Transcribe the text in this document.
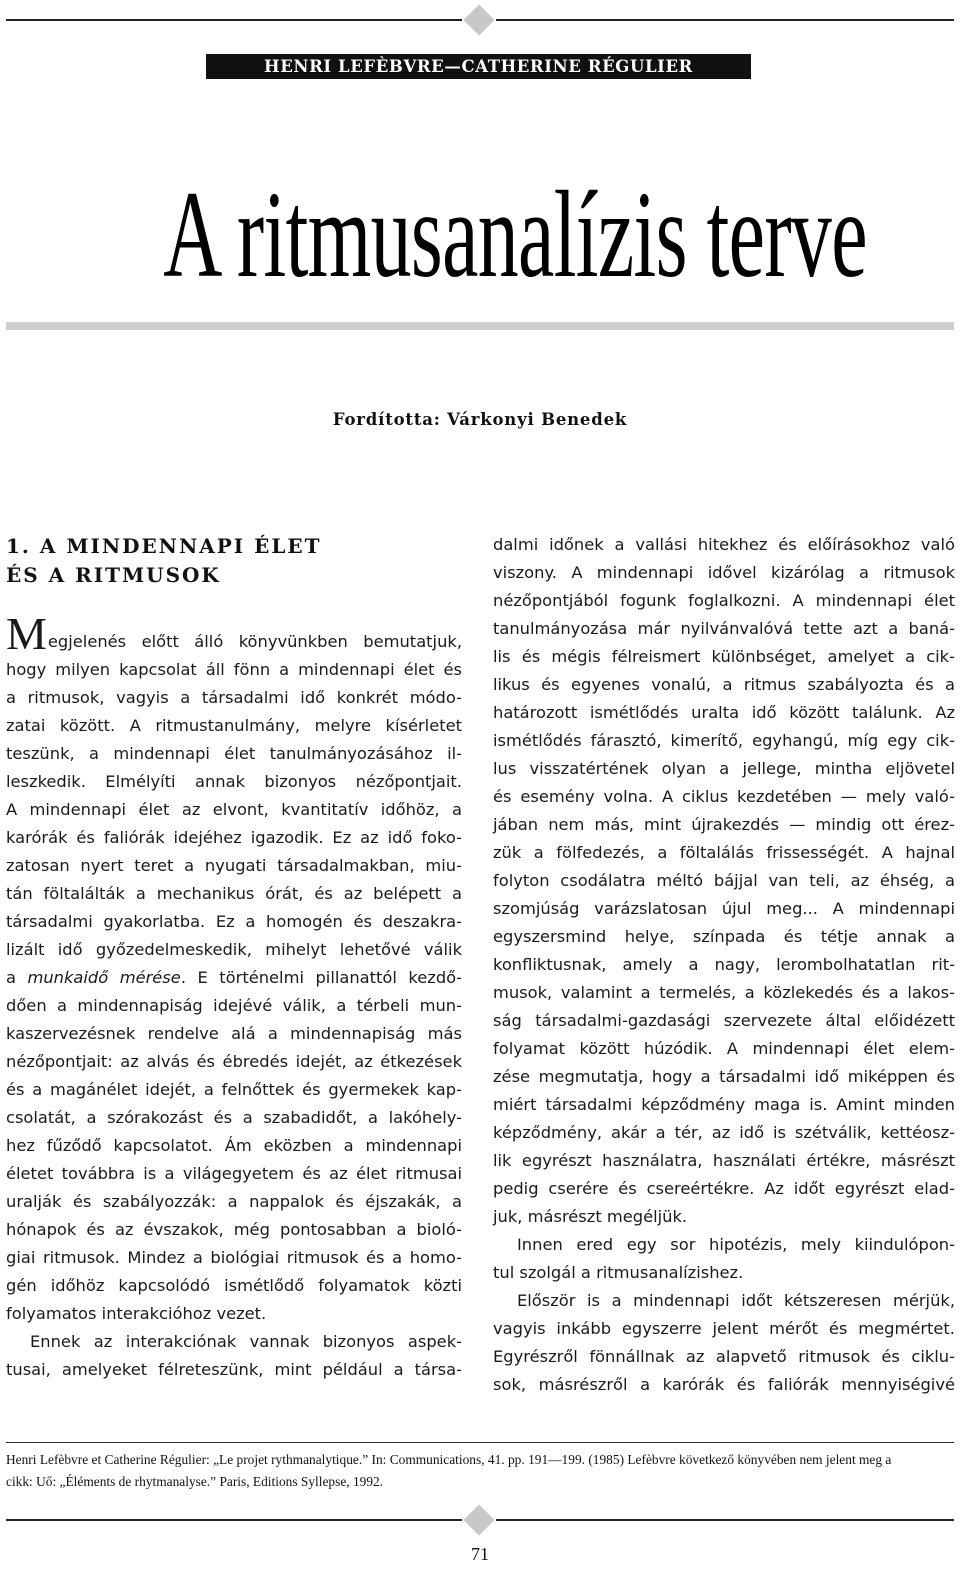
HENRI LEFÈBVRE—CATHERINE RÉGULIER
A ritmusanalízis terve
Fordította: Várkonyi Benedek
1. A MINDENNAPI ÉLET
ÉS A RITMUSOK
Megjelenés előtt álló könyvünkben bemutatjuk,
hogy milyen kapcsolat áll fönn a mindennapi élet és
a ritmusok, vagyis a társadalmi idő konkrét módo-
zatai között. A ritmustanulmány, melyre kísérletet
teszünk, a mindennapi élet tanulmányozásához il-
leszkedik. Elmélyíti annak bizonyos nézőpontjait.
A mindennapi élet az elvont, kvantitatív időhöz, a
karórák és faliórák idejéhez igazodik. Ez az idő foko-
zatosan nyert teret a nyugati társadalmakban, miu-
tán föltalálták a mechanikus órát, és az belépett a
társadalmi gyakorlatba. Ez a homogén és deszakra-
lizált idő győzedelmeskedik, mihelyt lehetővé válik
a munkaidő mérése. E történelmi pillanattól kezdő-
dően a mindennapiság idejévé válik, a térbeli mun-
kaszervezésnek rendelve alá a mindennapiság más
nézőpontjait: az alvás és ébredés idejét, az étkezések
és a magánélet idejét, a felnőttek és gyermekek kap-
csolatát, a szórakozást és a szabadidőt, a lakóhely-
hez fűződő kapcsolatot. Ám eközben a mindennapi
életet továbbra is a világegyetem és az élet ritmusai
uralják és szabályozzák: a nappalok és éjszakák, a
hónapok és az évszakok, még pontosabban a bioló-
giai ritmusok. Mindez a biológiai ritmusok és a homo-
gén időhöz kapcsolódó ismétlődő folyamatok közti
folyamatos interakcióhoz vezet.
Ennek az interakciónak vannak bizonyos aspek-
tusai, amelyeket félreteszünk, mint például a társa-
dalmi időnek a vallási hitekhez és előírásokhoz való
viszony. A mindennapi idővel kizárólag a ritmusok
nézőpontjából fogunk foglalkozni. A mindennapi élet
tanulmányozása már nyilvánvalóvá tette azt a baná-
lis és mégis félreismert különbséget, amelyet a cik-
likus és egyenes vonalú, a ritmus szabályozta és a
határozott ismétlődés uralta idő között találunk. Az
ismétlődés fárasztó, kimerítő, egyhangú, míg egy cik-
lus visszatértének olyan a jellege, mintha eljövetel
és esemény volna. A ciklus kezdetében — mely való-
jában nem más, mint újrakezdés — mindig ott érez-
zük a fölfedezés, a föltalálás frissességét. A hajnal
folyton csodálatra méltó bájjal van teli, az éhség, a
szomjúság varázslatosan újul meg... A mindennapi
egyszersmind helye, színpada és tétje annak a
konfliktusnak, amely a nagy, lerombolhatatlan rit-
musok, valamint a termelés, a közlekedés és a lakos-
ság társadalmi-gazdasági szervezete által előidézett
folyamat között húzódik. A mindennapi élet elem-
zése megmutatja, hogy a társadalmi idő miképpen és
miért társadalmi képződmény maga is. Amint minden
képződmény, akár a tér, az idő is szétválik, kettéosz-
lik egyrészt használatra, használati értékre, másrészt
pedig cserére és csereértékre. Az időt egyrészt elad-
juk, másrészt megéljük.
Innen ered egy sor hipotézis, mely kiindulópon-
tul szolgál a ritmusanalízishez.
Először is a mindennapi időt kétszeresen mérjük,
vagyis inkább egyszerre jelent mérőt és megmértet.
Egyrészről fönnállnak az alapvető ritmusok és ciklu-
sok, másrészről a karórák és faliórák mennyiségivé
Henri Lefèbvre et Catherine Régulier: „Le projet rythmanalytique.” In: Communications, 41. pp. 191—199. (1985) Lefèbvre következő könyvében nem jelent meg a
cikk: Uő: „Éléments de rhytmanalyse.” Paris, Editions Syllepse, 1992.
71
